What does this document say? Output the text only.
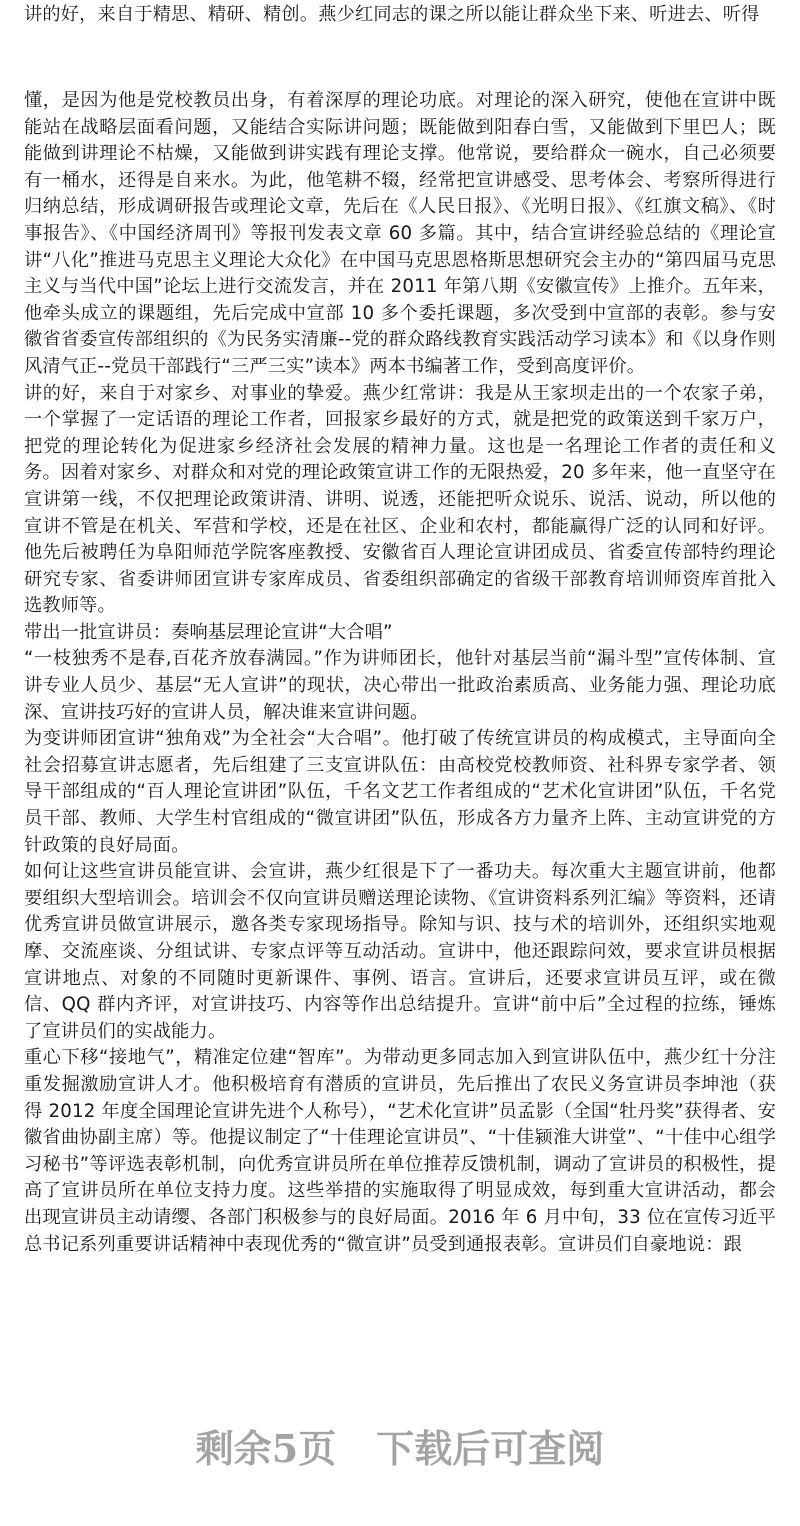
讲的好，来自于精思、精研、精创。燕少红同志的课之所以能让群众坐下来、听进去、听得

懂，是因为他是党校教员出身，有着深厚的理论功底。对理论的深入研究，使他在宣讲中既能站在战略层面看问题，又能结合实际讲问题；既能做到阳春白雪，又能做到下里巴人；既能做到讲理论不枯燥，又能做到讲实践有理论支撑。他常说，要给群众一碗水，自己必须要有一桶水，还得是自来水。为此，他笔耕不辍，经常把宣讲感受、思考体会、考察所得进行归纳总结，形成调研报告或理论文章，先后在《人民日报》、《光明日报》、《红旗文稿》、《时事报告》、《中国经济周刊》等报刊发表文章 60 多篇。其中，结合宣讲经验总结的《理论宣讲“八化”推进马克思主义理论大众化》在中国马克思恩格斯思想研究会主办的“第四届马克思主义与当代中国”论坛上进行交流发言，并在 2011 年第八期《安徽宣传》上推介。五年来，他牵头成立的课题组，先后完成中宣部 10 多个委托课题，多次受到中宣部的表彰。参与安徽省省委宣传部组织的《为民务实清廉--党的群众路线教育实践活动学习读本》和《以身作则风清气正--党员干部践行“三严三实”读本》两本书编著工作，受到高度评价。

讲的好，来自于对家乡、对事业的挚爱。燕少红常讲：我是从王家坝走出的一个农家子弟，一个掌握了一定话语的理论工作者，回报家乡最好的方式，就是把党的政策送到千家万户，把党的理论转化为促进家乡经济社会发展的精神力量。这也是一名理论工作者的责任和义务。因着对家乡、对群众和对党的理论政策宣讲工作的无限热爱，20 多年来，他一直坚守在宣讲第一线，不仅把理论政策讲清、讲明、说透，还能把听众说乐、说活、说动，所以他的宣讲不管是在机关、军营和学校，还是在社区、企业和农村，都能赢得广泛的认同和好评。他先后被聘任为阜阳师范学院客座教授、安徽省百人理论宣讲团成员、省委宣传部特约理论研究专家、省委讲师团宣讲专家库成员、省委组织部确定的省级干部教育培训师资库首批入选教师等。

带出一批宣讲员：奏响基层理论宣讲“大合唱”

“一枝独秀不是春,百花齐放春满园。”作为讲师团长，他针对基层当前“漏斗型”宣传体制、宣讲专业人员少、基层“无人宣讲”的现状，决心带出一批政治素质高、业务能力强、理论功底深、宣讲技巧好的宣讲人员，解决谁来宣讲问题。

为变讲师团宣讲“独角戏”为全社会“大合唱”。他打破了传统宣讲员的构成模式，主导面向全社会招募宣讲志愿者，先后组建了三支宣讲队伍：由高校党校教师资、社科界专家学者、领导干部组成的“百人理论宣讲团”队伍，千名文艺工作者组成的“艺术化宣讲团”队伍，千名党员干部、教师、大学生村官组成的“微宣讲团”队伍，形成各方力量齐上阵、主动宣讲党的方针政策的良好局面。

如何让这些宣讲员能宣讲、会宣讲，燕少红很是下了一番功夫。每次重大主题宣讲前，他都要组织大型培训会。培训会不仅向宣讲员赠送理论读物、《宣讲资料系列汇编》等资料，还请优秀宣讲员做宣讲展示，邀各类专家现场指导。除知与识、技与术的培训外，还组织实地观摩、交流座谈、分组试讲、专家点评等互动活动。宣讲中，他还跟踪问效，要求宣讲员根据宣讲地点、对象的不同随时更新课件、事例、语言。宣讲后，还要求宣讲员互评，或在微信、QQ 群内齐评，对宣讲技巧、内容等作出总结提升。宣讲“前中后”全过程的拉练，锤炼了宣讲员们的实战能力。

重心下移“接地气”，精准定位建“智库”。为带动更多同志加入到宣讲队伍中，燕少红十分注重发掘激励宣讲人才。他积极培育有潜质的宣讲员，先后推出了农民义务宣讲员李坤池（获得 2012 年度全国理论宣讲先进个人称号），“艺术化宣讲”员孟影（全国“牡丹奖”获得者、安徽省曲协副主席）等。他提议制定了“十佳理论宣讲员”、“十佳颍淮大讲堂”、“十佳中心组学习秘书”等评选表彰机制，向优秀宣讲员所在单位推荐反馈机制，调动了宣讲员的积极性，提高了宣讲员所在单位支持力度。这些举措的实施取得了明显成效，每到重大宣讲活动，都会出现宣讲员主动请缨、各部门积极参与的良好局面。2016 年 6 月中旬，33 位在宣传习近平总书记系列重要讲话精神中表现优秀的“微宣讲”员受到通报表彰。宣讲员们自豪地说：跟

剩余5页 下载后可查阅
